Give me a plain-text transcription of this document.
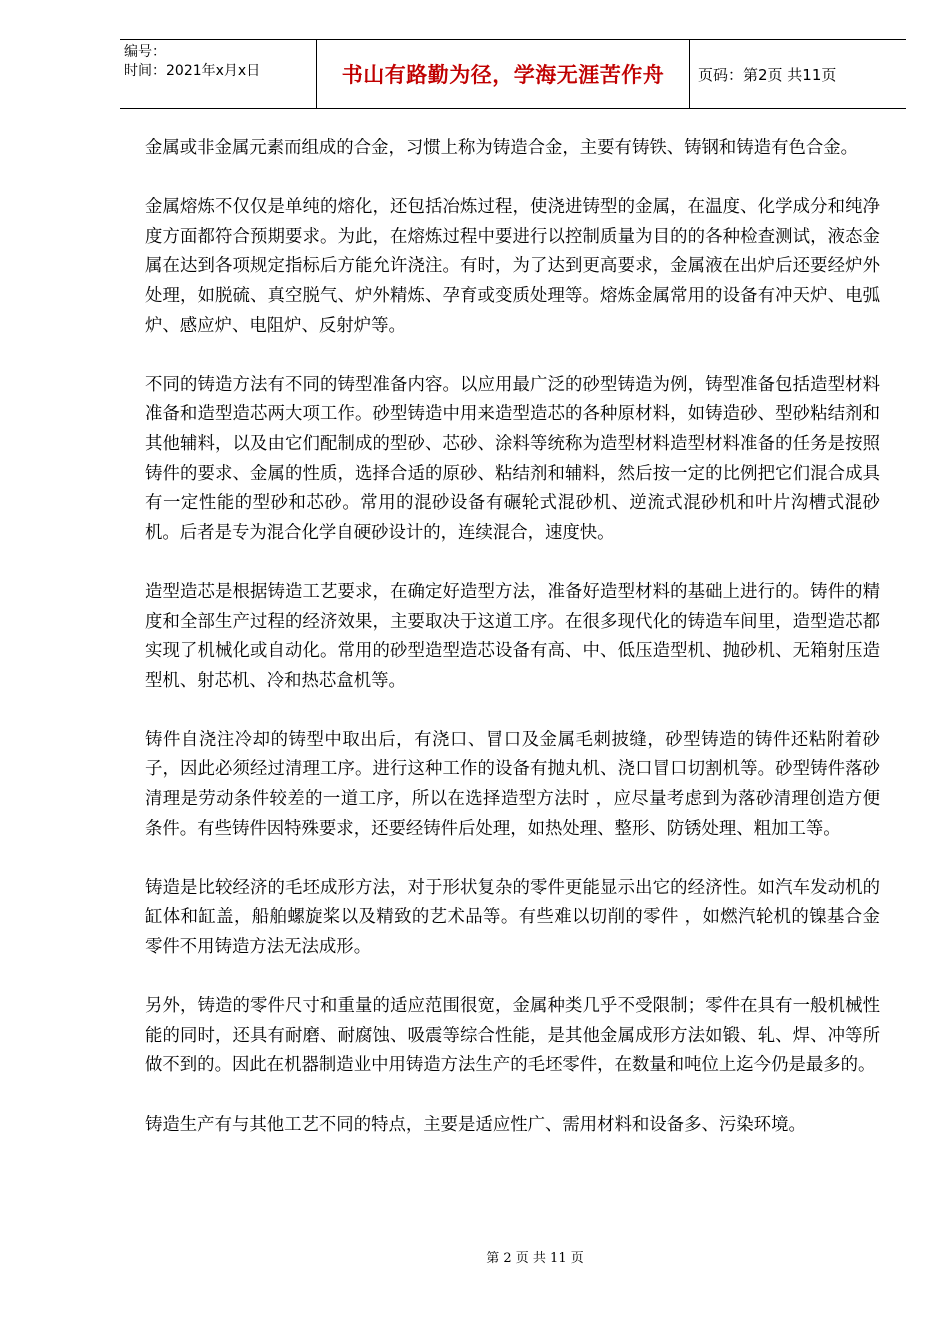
编号：
时间：2021年x月x日	书山有路勤为径，学海无涯苦作舟 页码：第2页 共11页

金属或非金属元素而组成的合金，习惯上称为铸造合金，主要有铸铁、铸钢和铸造有色合金。

金属熔炼不仅仅是单纯的熔化，还包括冶炼过程，使浇进铸型的金属，在温度、化学成分和纯净度方面都符合预期要求。为此，在熔炼过程中要进行以控制质量为目的的各种检查测试，液态金属在达到各项规定指标后方能允许浇注。有时，为了达到更高要求，金属液在出炉后还要经炉外处理，如脱硫、真空脱气、炉外精炼、孕育或变质处理等。熔炼金属常用的设备有冲天炉、电弧炉、感应炉、电阻炉、反射炉等。

不同的铸造方法有不同的铸型准备内容。以应用最广泛的砂型铸造为例，铸型准备包括造型材料准备和造型造芯两大项工作。砂型铸造中用来造型造芯的各种原材料，如铸造砂、型砂粘结剂和其他辅料，以及由它们配制成的型砂、芯砂、涂料等统称为造型材料造型材料准备的任务是按照铸件的要求、金属的性质，选择合适的原砂、粘结剂和辅料，然后按一定的比例把它们混合成具有一定性能的型砂和芯砂。常用的混砂设备有碾轮式混砂机、逆流式混砂机和叶片沟槽式混砂机。后者是专为混合化学自硬砂设计的，连续混合，速度快。

造型造芯是根据铸造工艺要求，在确定好造型方法，准备好造型材料的基础上进行的。铸件的精度和全部生产过程的经济效果，主要取决于这道工序。在很多现代化的铸造车间里，造型造芯都实现了机械化或自动化。常用的砂型造型造芯设备有高、中、低压造型机、抛砂机、无箱射压造型机、射芯机、冷和热芯盒机等。

铸件自浇注冷却的铸型中取出后，有浇口、冒口及金属毛刺披缝，砂型铸造的铸件还粘附着砂子，因此必须经过清理工序。进行这种工作的设备有抛丸机、浇口冒口切割机等。砂型铸件落砂清理是劳动条件较差的一道工序，所以在选择造型方法时 ，应尽量考虑到为落砂清理创造方便条件。有些铸件因特殊要求，还要经铸件后处理，如热处理、整形、防锈处理、粗加工等。

铸造是比较经济的毛坯成形方法，对于形状复杂的零件更能显示出它的经济性。如汽车发动机的缸体和缸盖，船舶螺旋桨以及精致的艺术品等。有些难以切削的零件 ，如燃汽轮机的镍基合金零件不用铸造方法无法成形。

另外，铸造的零件尺寸和重量的适应范围很宽，金属种类几乎不受限制；零件在具有一般机械性能的同时，还具有耐磨、耐腐蚀、吸震等综合性能，是其他金属成形方法如锻、轧、焊、冲等所做不到的。因此在机器制造业中用铸造方法生产的毛坯零件，在数量和吨位上迄今仍是最多的。

铸造生产有与其他工艺不同的特点，主要是适应性广、需用材料和设备多、污染环境。

第 2 页 共 11 页
